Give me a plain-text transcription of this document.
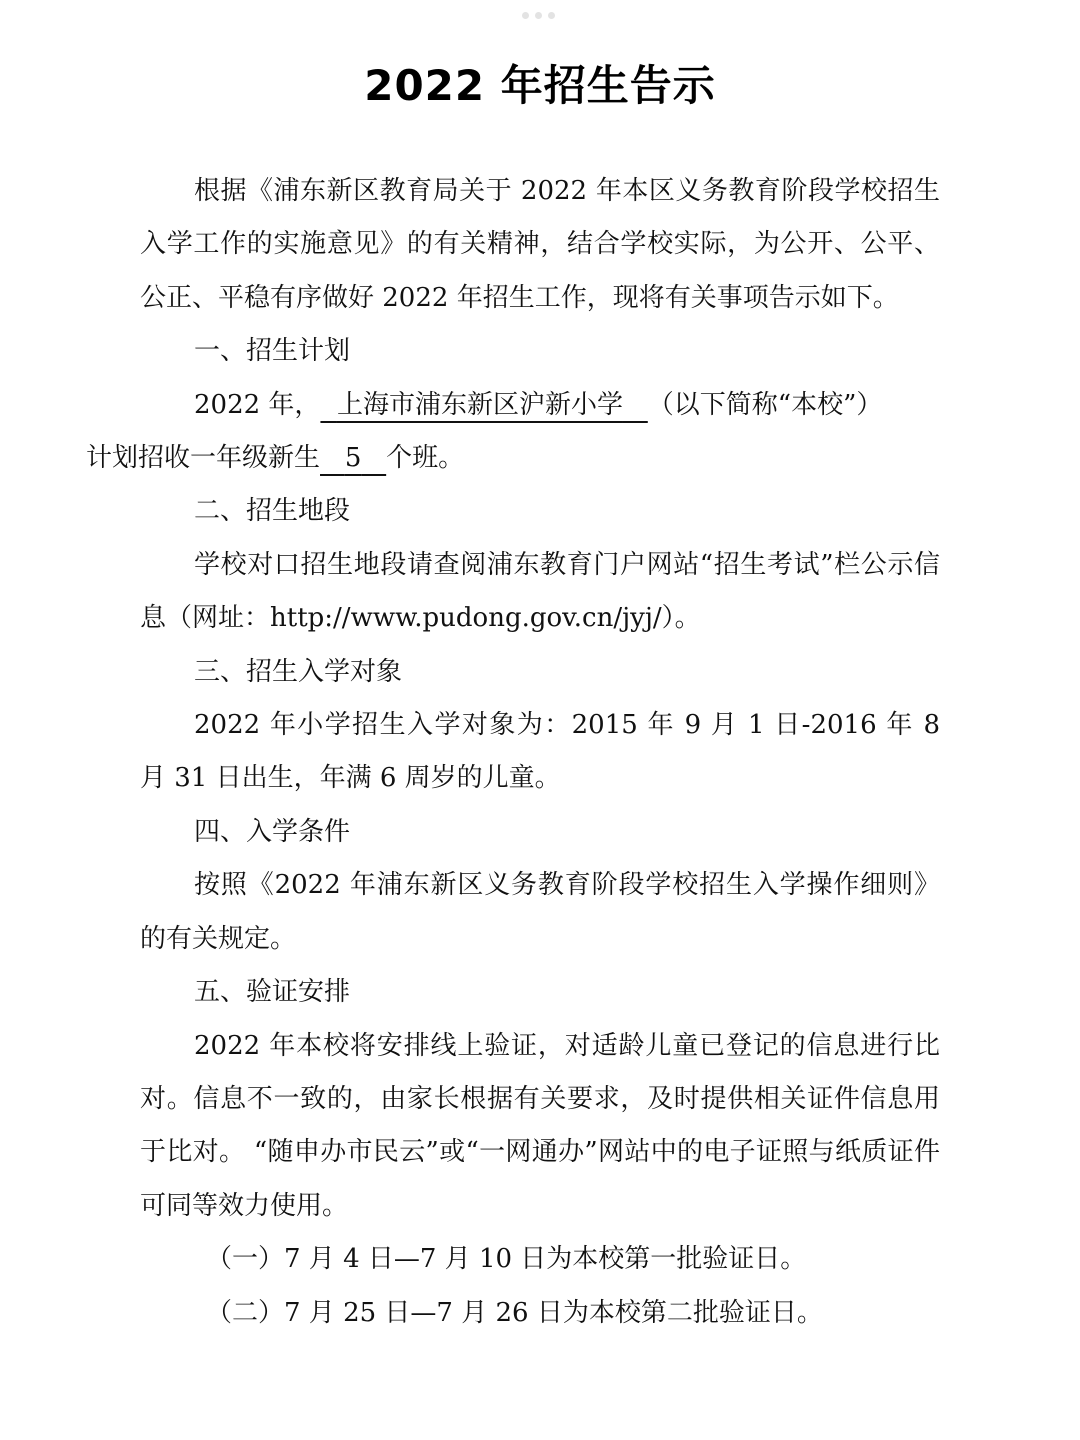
2022 年招生告示

根据《浦东新区教育局关于 2022 年本区义务教育阶段学校招生入学工作的实施意见》的有关精神，结合学校实际，为公开、公平、公正、平稳有序做好 2022 年招生工作，现将有关事项告示如下。

一、招生计划

2022 年， 上海市浦东新区沪新小学 （以下简称“本校”）
计划招收一年级新生 5 个班。

二、招生地段

学校对口招生地段请查阅浦东教育门户网站“招生考试”栏公示信息（网址：http://www.pudong.gov.cn/jyj/）。

三、招生入学对象

2022 年小学招生入学对象为：2015 年 9 月 1 日-2016 年 8 月 31 日出生，年满 6 周岁的儿童。

四、入学条件

按照《2022 年浦东新区义务教育阶段学校招生入学操作细则》的有关规定。

五、验证安排

2022 年本校将安排线上验证，对适龄儿童已登记的信息进行比对。信息不一致的，由家长根据有关要求，及时提供相关证件信息用于比对。 “随申办市民云”或“一网通办”网站中的电子证照与纸质证件可同等效力使用。

（一）7 月 4 日—7 月 10 日为本校第一批验证日。

（二）7 月 25 日—7 月 26 日为本校第二批验证日。
